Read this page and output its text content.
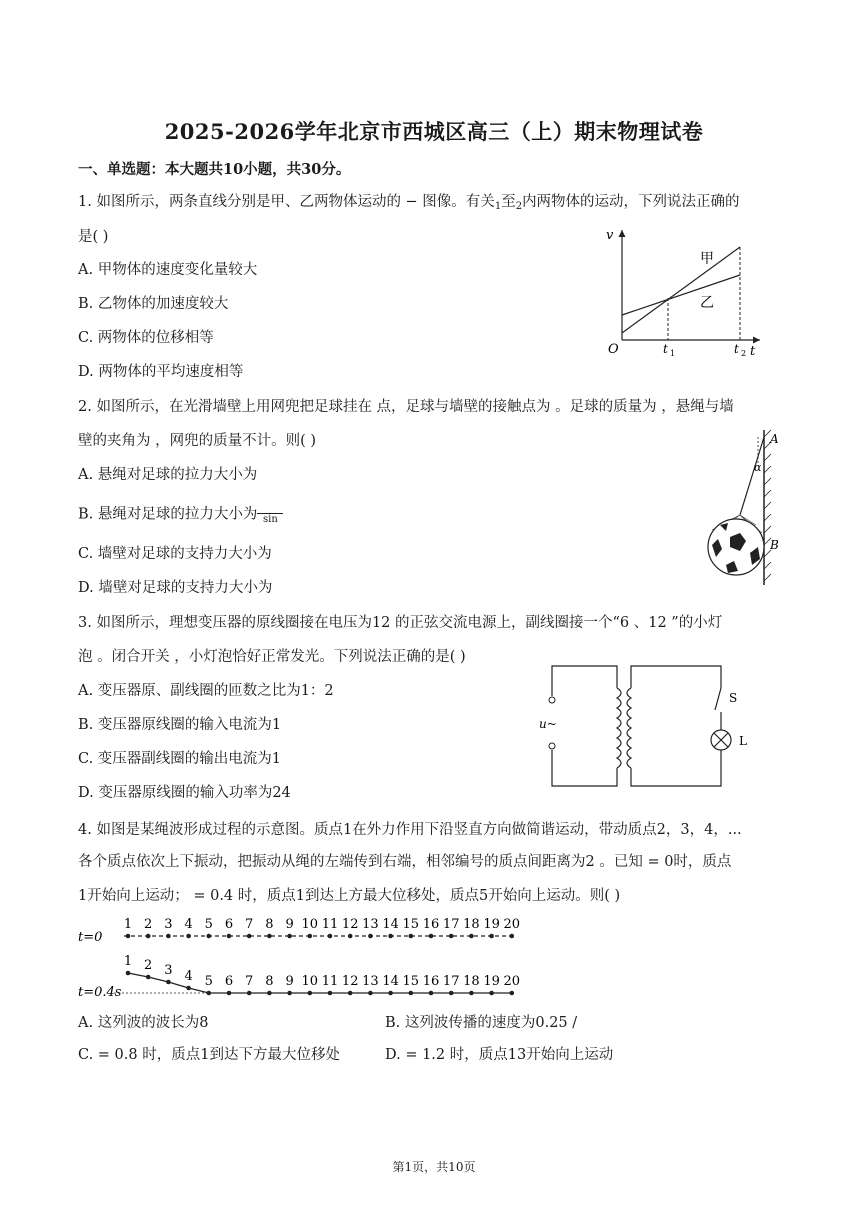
2025-2026学年北京市西城区高三（上）期末物理试卷
一、单选题：本大题共10小题，共30分。
1. 如图所示，两条直线分别是甲、乙两物体运动的 − 图像。有关$_1$至$_2$内两物体的运动，下列说法正确的
是( )
A. 甲物体的速度变化量较大
B. 乙物体的加速度较大
C. 两物体的位移相等
D. 两物体的平均速度相等
v
t
O	t 1	t 2
甲
乙
2. 如图所示，在光滑墙壁上用网兜把足球挂在 点，足球与墙壁的接触点为 。足球的质量为 ，悬绳与墙
壁的夹角为 ，网兜的质量不计。则( )
A. 悬绳对足球的拉力大小为
B. 悬绳对足球的拉力大小为 sin
C. 墙壁对足球的支持力大小为
D. 墙壁对足球的支持力大小为
A
B
α
3. 如图所示，理想变压器的原线圈接在电压为12 的正弦交流电源上，副线圈接一个“6 、12 ”的小灯
泡 。闭合开关 ，小灯泡恰好正常发光。下列说法正确的是( )
A. 变压器原、副线圈的匝数之比为1：2
B. 变压器原线圈的输入电流为1
C. 变压器副线圈的输出电流为1
D. 变压器原线圈的输入功率为24
u~
S
L
4. 如图是某绳波形成过程的示意图。质点1在外力作用下沿竖直方向做简谐运动，带动质点2，3，4，...
各个质点依次上下振动，把振动从绳的左端传到右端，相邻编号的质点间距离为2 。已知 = 0时，质点
1开始向上运动； = 0.4 时，质点1到达上方最大位移处，质点5开始向上运动。则( )
t=0
t=0.4s
1
1
2
2
3
3
4
4
5
5
6
6
7
7
8
8
9
9
10
10
11
11
12
12
13
13
14
14
15
15
16
16
17
17
18
18
19
19
20
20
A. 这列波的波长为8	B. 这列波传播的速度为0.25 /
C. = 0.8 时，质点1到达下方最大位移处	D. = 1.2 时，质点13开始向上运动
第1页，共10页
